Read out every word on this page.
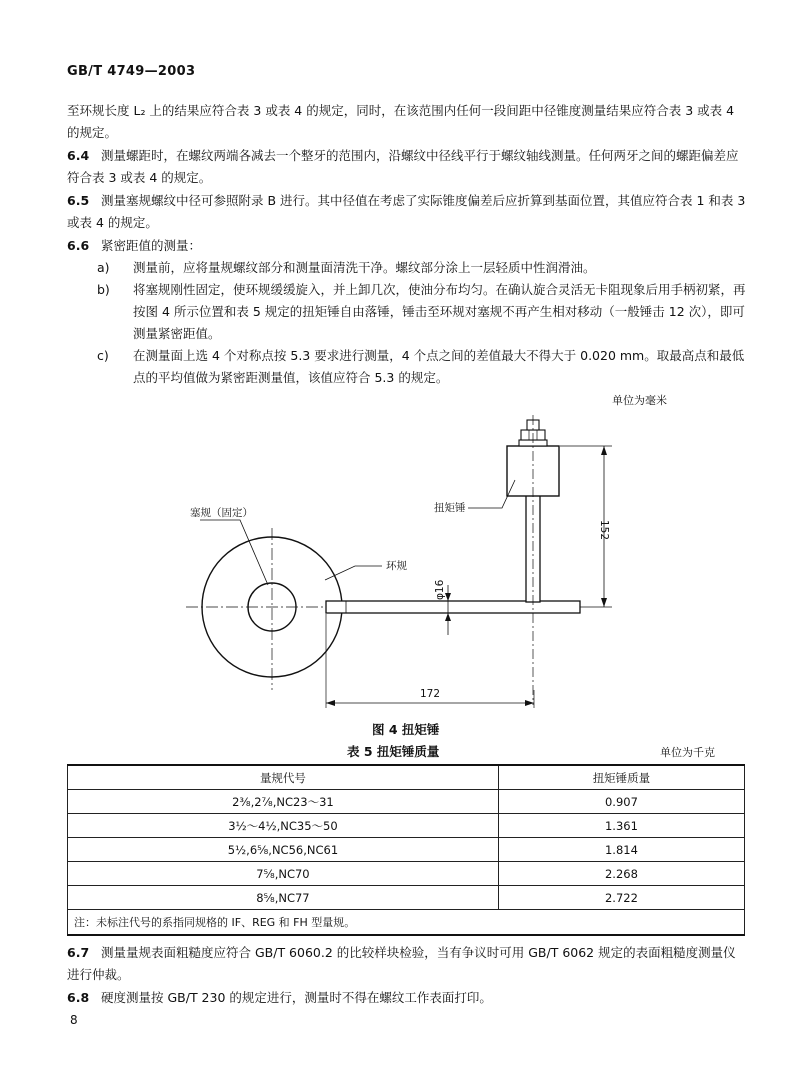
GB/T 4749—2003
至环规长度 L₂ 上的结果应符合表 3 或表 4 的规定，同时，在该范围内任何一段间距中径锥度测量结果应符合表 3 或表 4 的规定。
6.4 测量螺距时，在螺纹两端各减去一个整牙的范围内，沿螺纹中径线平行于螺纹轴线测量。任何两牙之间的螺距偏差应符合表 3 或表 4 的规定。
6.5 测量塞规螺纹中径可参照附录 B 进行。其中径值在考虑了实际锥度偏差后应折算到基面位置，其值应符合表 1 和表 3 或表 4 的规定。
6.6 紧密距值的测量：
a)	测量前，应将量规螺纹部分和测量面清洗干净。螺纹部分涂上一层轻质中性润滑油。
b)	将塞规刚性固定，使环规缓缓旋入，并上卸几次，使油分布均匀。在确认旋合灵活无卡阻现象后用手柄初紧，再按图 4 所示位置和表 5 规定的扭矩锤自由落锤，锤击至环规对塞规不再产生相对移动（一般锤击 12 次），即可测量紧密距值。
c)	在测量面上选 4 个对称点按 5.3 要求进行测量，4 个点之间的差值最大不得大于 0.020 mm。取最高点和最低点的平均值做为紧密距测量值，该值应符合 5.3 的规定。
单位为毫米
塞规（固定）
环规
扭矩锤
152
φ16
172
图 4 扭矩锤
表 5 扭矩锤质量	单位为千克
量规代号	扭矩锤质量
2⅜,2⅞,NC23～31	0.907
3½～4½,NC35～50	1.361
5½,6⅝,NC56,NC61	1.814
7⅝,NC70	2.268
8⅝,NC77	2.722
注：未标注代号的系指同规格的 IF、REG 和 FH 型量规。	
6.7 测量量规表面粗糙度应符合 GB/T 6060.2 的比较样块检验，当有争议时可用 GB/T 6062 规定的表面粗糙度测量仪进行仲裁。
6.8 硬度测量按 GB/T 230 的规定进行，测量时不得在螺纹工作表面打印。
8
